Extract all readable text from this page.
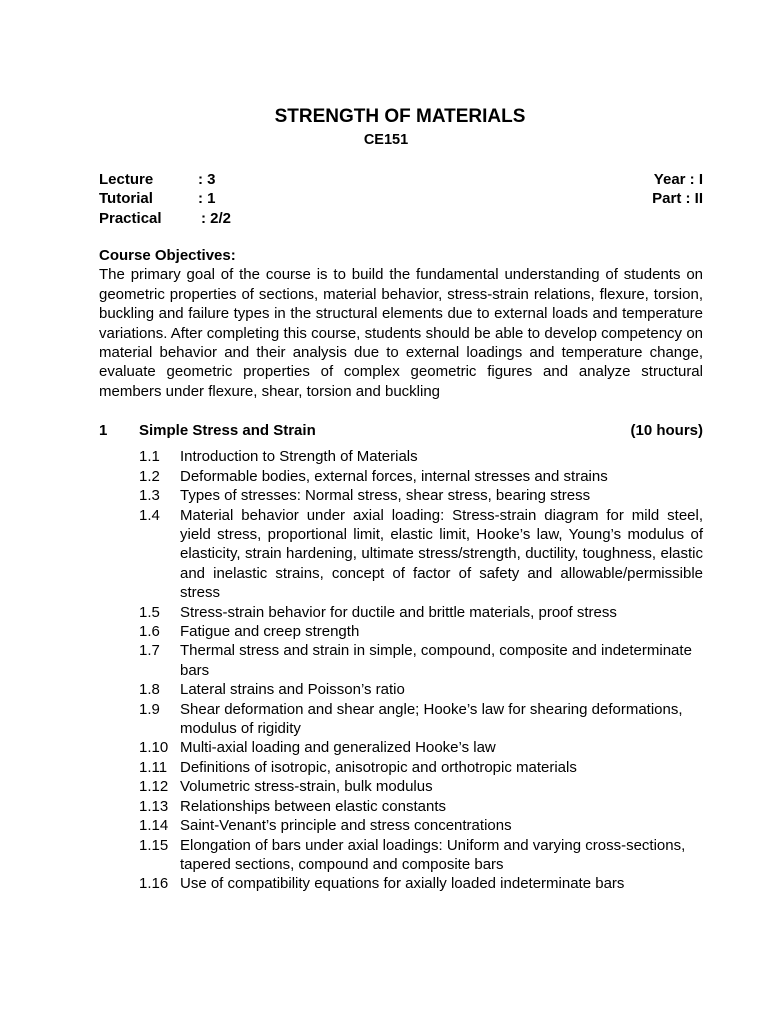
STRENGTH OF MATERIALS
CE151
Lecture	: 3	Year : I
Tutorial	: 1	Part : II
Practical	: 2/2
Course Objectives:

The primary goal of the course is to build the fundamental understanding of students on geometric properties of sections, material behavior, stress-strain relations, flexure, torsion, buckling and failure types in the structural elements due to external loads and temperature variations. After completing this course, students should be able to develop competency on material behavior and their analysis due to external loadings and temperature change, evaluate geometric properties of complex geometric figures and analyze structural members under flexure, shear, torsion and buckling

1 Simple Stress and Strain	(10 hours)
1.1 Introduction to Strength of Materials
1.2 Deformable bodies, external forces, internal stresses and strains
1.3 Types of stresses: Normal stress, shear stress, bearing stress
1.4 Material behavior under axial loading: Stress-strain diagram for mild steel, yield stress, proportional limit, elastic limit, Hooke’s law, Young’s modulus of elasticity, strain hardening, ultimate stress/strength, ductility, toughness, elastic and inelastic strains, concept of factor of safety and allowable/permissible stress
1.5 Stress-strain behavior for ductile and brittle materials, proof stress
1.6 Fatigue and creep strength
1.7 Thermal stress and strain in simple, compound, composite and indeterminate bars
1.8 Lateral strains and Poisson’s ratio
1.9 Shear deformation and shear angle; Hooke’s law for shearing deformations, modulus of rigidity
1.10 Multi-axial loading and generalized Hooke’s law
1.11 Definitions of isotropic, anisotropic and orthotropic materials
1.12 Volumetric stress-strain, bulk modulus
1.13 Relationships between elastic constants
1.14 Saint-Venant’s principle and stress concentrations
1.15 Elongation of bars under axial loadings: Uniform and varying cross-sections, tapered sections, compound and composite bars
1.16 Use of compatibility equations for axially loaded indeterminate bars
